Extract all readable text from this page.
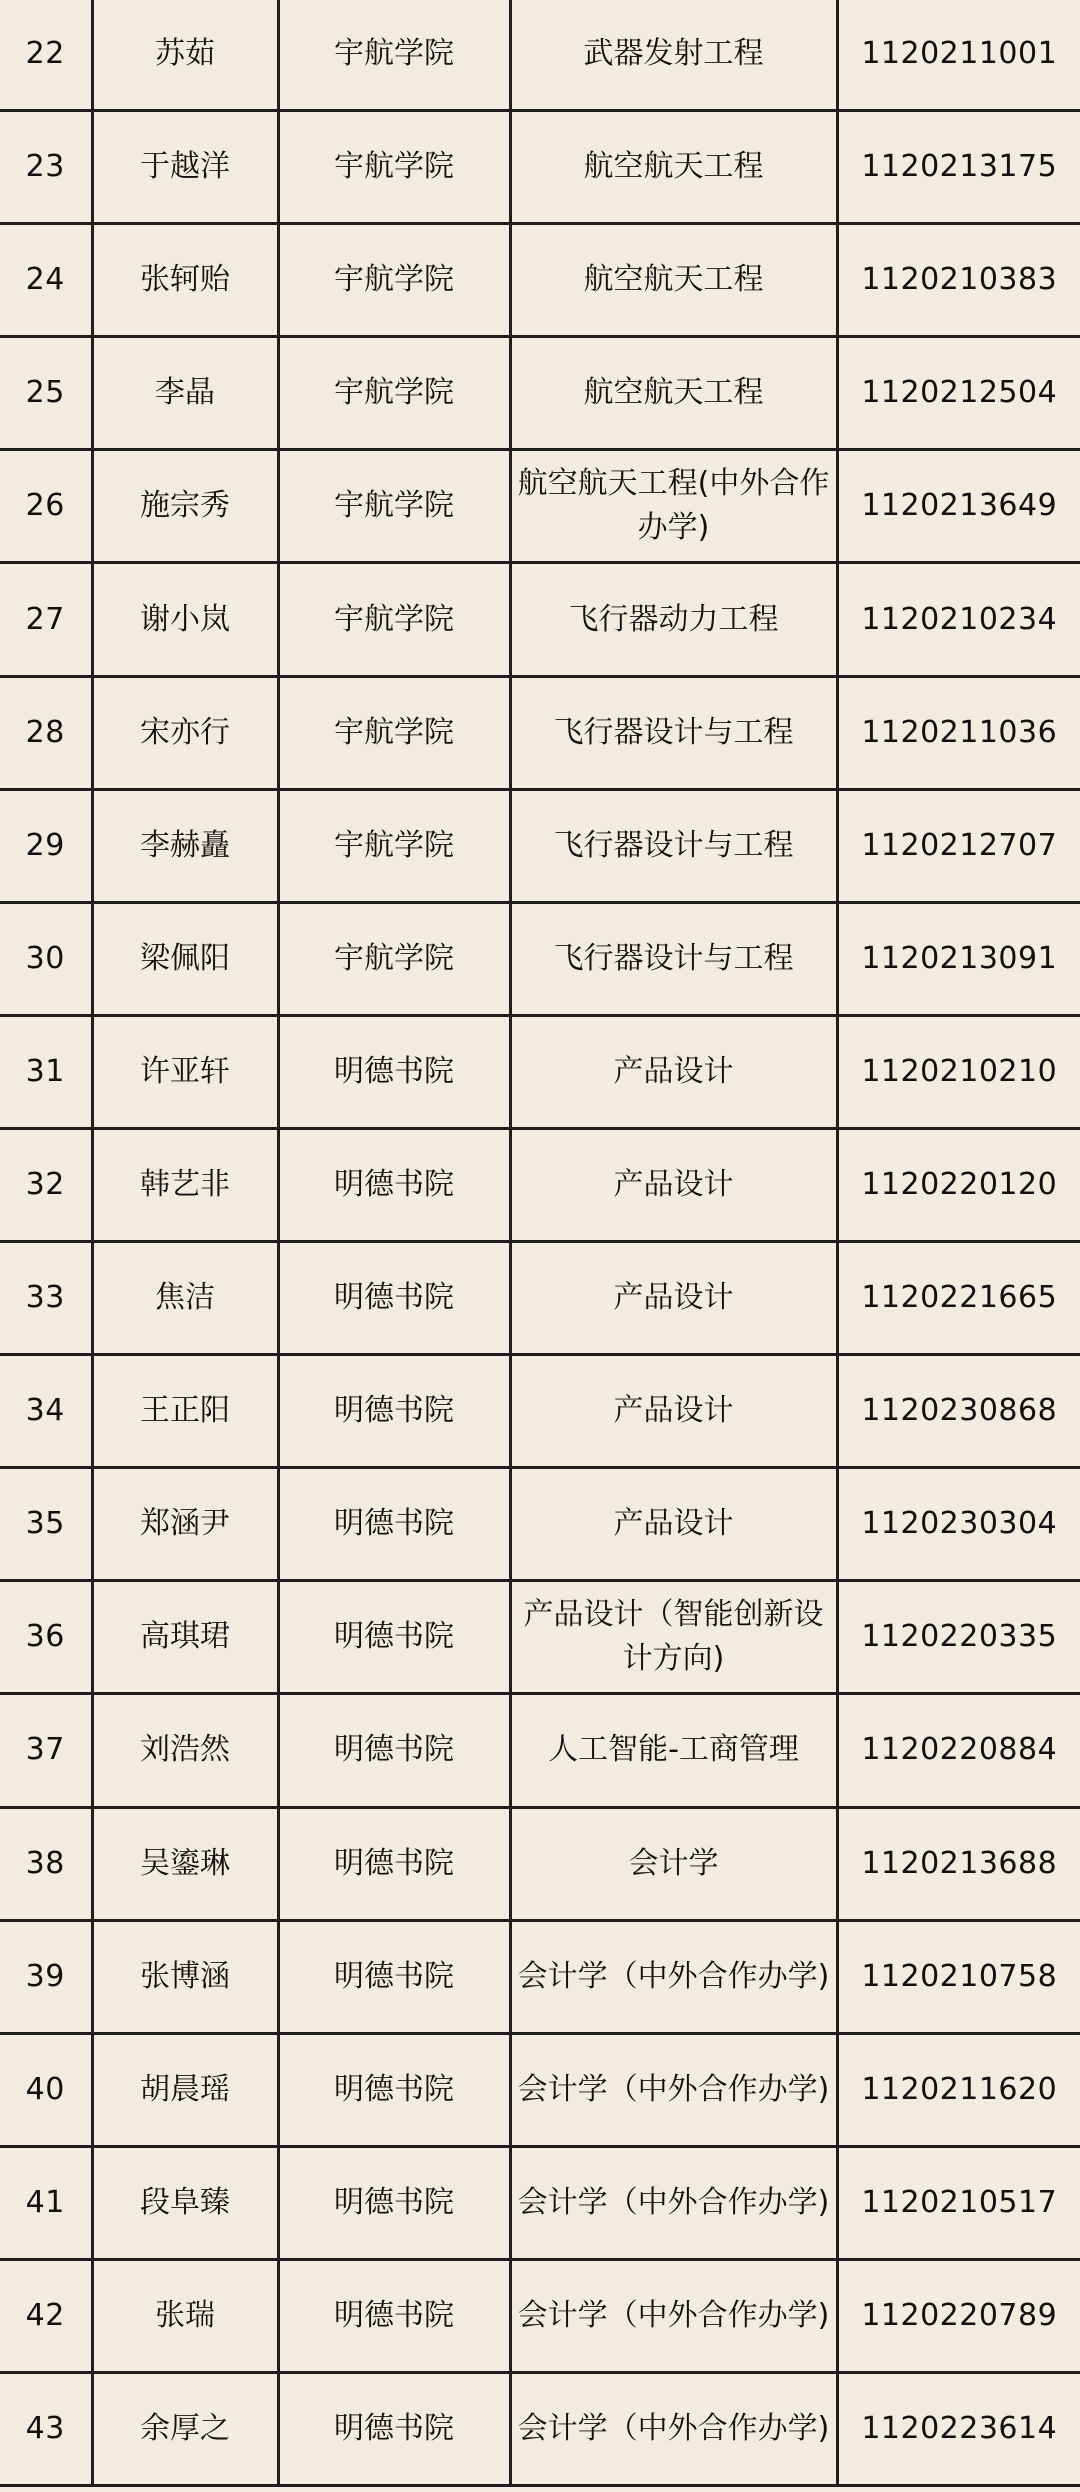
22	苏茹	宇航学院	武器发射工程	1120211001
23	于越洋	宇航学院	航空航天工程	1120213175
24	张轲贻	宇航学院	航空航天工程	1120210383
25	李晶	宇航学院	航空航天工程	1120212504
26	施宗秀	宇航学院	航空航天工程(中外合作办学)	1120213649
27	谢小岚	宇航学院	飞行器动力工程	1120210234
28	宋亦行	宇航学院	飞行器设计与工程	1120211036
29	李赫矗	宇航学院	飞行器设计与工程	1120212707
30	梁佩阳	宇航学院	飞行器设计与工程	1120213091
31	许亚轩	明德书院	产品设计	1120210210
32	韩艺非	明德书院	产品设计	1120220120
33	焦洁	明德书院	产品设计	1120221665
34	王正阳	明德书院	产品设计	1120230868
35	郑涵尹	明德书院	产品设计	1120230304
36	高琪珺	明德书院	产品设计（智能创新设计方向)	1120220335
37	刘浩然	明德书院	人工智能-工商管理	1120220884
38	吴鎏琳	明德书院	会计学	1120213688
39	张博涵	明德书院	会计学（中外合作办学)	1120210758
40	胡晨瑶	明德书院	会计学（中外合作办学)	1120211620
41	段阜臻	明德书院	会计学（中外合作办学)	1120210517
42	张瑞	明德书院	会计学（中外合作办学)	1120220789
43	余厚之	明德书院	会计学（中外合作办学)	1120223614
